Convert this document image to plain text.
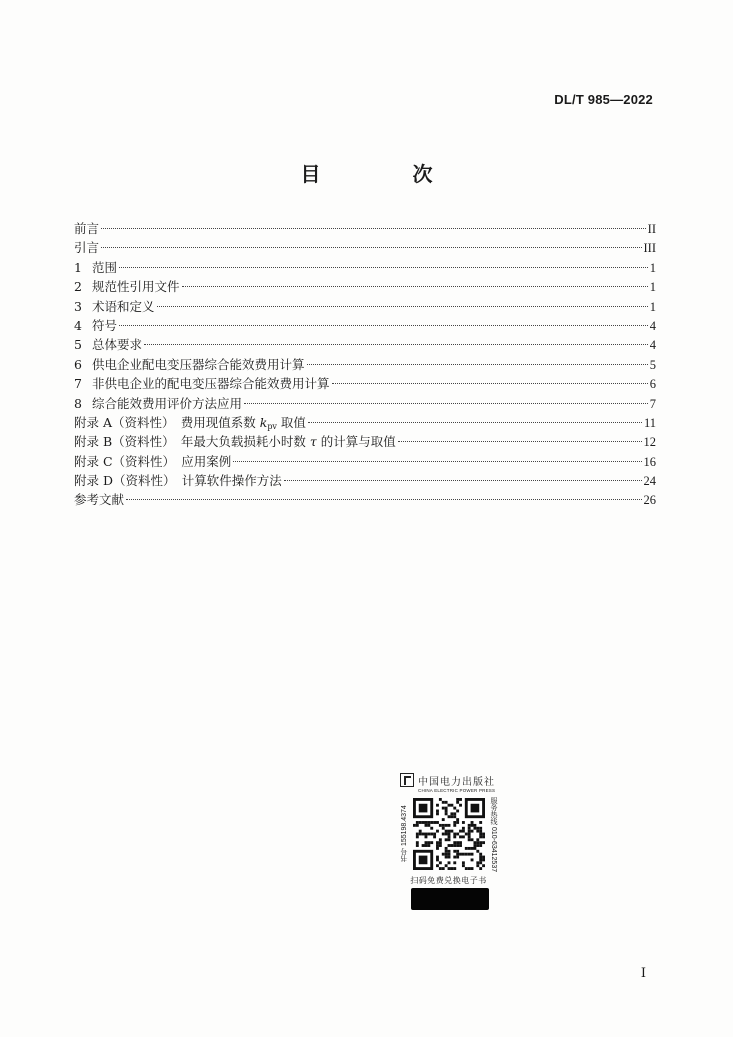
DL/T 985—2022
目　次
前言	II
引言	III
1 范围	1
2 规范性引用文件	1
3 术语和定义	1
4 符号	4
5 总体要求	4
6 供电企业配电变压器综合能效费用计算	5
7 非供电企业的配电变压器综合能效费用计算	6
8 综合能效费用评价方法应用	7
附录 A（资料性）　费用现值系数 $k_{pv}$ 取值	11
附录 B（资料性）　年最大负载损耗小时数 τ 的计算与取值	12
附录 C（资料性）　应用案例	16
附录 D（资料性）　计算软件操作方法	24
参考文献	26
中国电力出版社
CHINA ELECTRIC POWER PRESS
书号 155198.4374	服务热线 010-63412537
扫码免费兑换电子书
I
